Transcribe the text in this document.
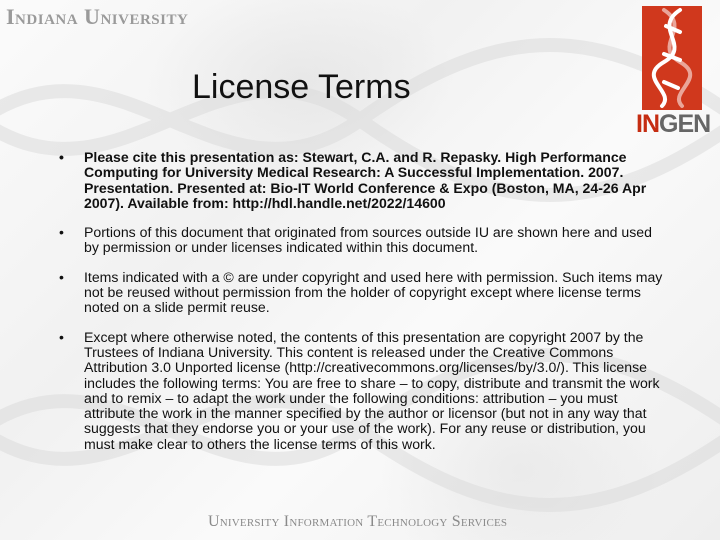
Indiana University
License Terms
INGEN
• Please cite this presentation as: Stewart, C.A. and R. Repasky. High Performance Computing for University Medical Research: A Successful Implementation. 2007. Presentation. Presented at: Bio-IT World Conference & Expo (Boston, MA, 24-26 Apr 2007). Available from: http://hdl.handle.net/2022/14600
• Portions of this document that originated from sources outside IU are shown here and used by permission or under licenses indicated within this document.
• Items indicated with a © are under copyright and used here with permission. Such items may not be reused without permission from the holder of copyright except where license terms noted on a slide permit reuse.
• Except where otherwise noted, the contents of this presentation are copyright 2007 by the Trustees of Indiana University. This content is released under the Creative Commons Attribution 3.0 Unported license (http://creativecommons.org/licenses/by/3.0/). This license includes the following terms: You are free to share – to copy, distribute and transmit the work and to remix – to adapt the work under the following conditions: attribution – you must attribute the work in the manner specified by the author or licensor (but not in any way that suggests that they endorse you or your use of the work). For any reuse or distribution, you must make clear to others the license terms of this work.
University Information Technology Services
